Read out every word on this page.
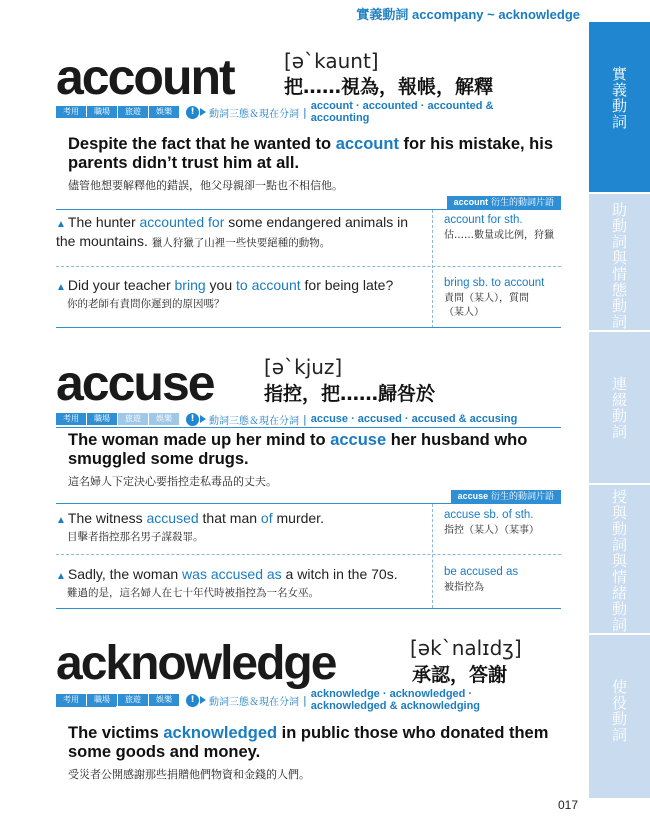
實義動詞 accompany ~ acknowledge
實義動詞
助動詞與情態動詞
連綴動詞
授與動詞與情緒動詞
使役動詞
account	[əˋkaunt]
把……視為，報帳，解釋
考用	職場	旅遊	娛樂	!	動詞三態＆現在分詞 | account · accounted · accounted & accounting
Despite the fact that he wanted to account for his mistake, his parents didn’t trust him at all.
儘管他想要解釋他的錯誤，他父母親卻一點也不相信他。
account 衍生的動詞片語
▲ The hunter accounted for some endangered animals in the mountains. 獵人狩獵了山裡一些快要絕種的動物。
account for sth.
估……數量或比例，狩獵
▲ Did your teacher bring you to account for being late?
你的老師有責問你遲到的原因嗎？
bring sb. to account
責問（某人），質問（某人）
accuse	[əˋkjuz]
指控，把……歸咎於
考用	職場	旅遊	娛樂	!	動詞三態＆現在分詞 | accuse · accused · accused & accusing
The woman made up her mind to accuse her husband who smuggled some drugs.
這名婦人下定決心要指控走私毒品的丈夫。
accuse 衍生的動詞片語
▲ The witness accused that man of murder.
目擊者指控那名男子謀殺罪。
accuse sb. of sth.
指控（某人）（某事）
▲ Sadly, the woman was accused as a witch in the 70s.
難過的是，這名婦人在七十年代時被指控為一名女巫。
be accused as
被指控為
acknowledge	[əkˋnalɪdʒ]
承認，答謝
考用	職場	旅遊	娛樂	!	動詞三態＆現在分詞 | acknowledge · acknowledged · acknowledged & acknowledging
The victims acknowledged in public those who donated them some goods and money.
受災者公開感謝那些捐贈他們物資和金錢的人們。
017
